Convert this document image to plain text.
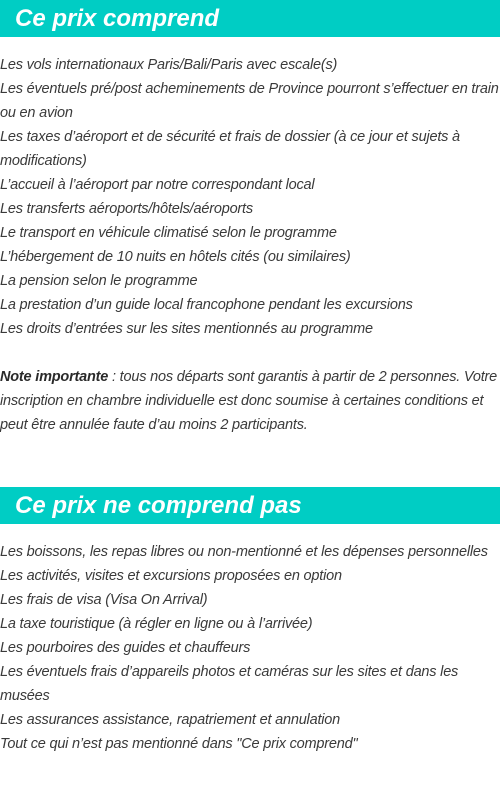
Ce prix comprend
Les vols internationaux Paris/Bali/Paris avec escale(s)
Les éventuels pré/post acheminements de Province pourront s’effectuer en train ou en avion
Les taxes d’aéroport et de sécurité et frais de dossier (à ce jour et sujets à modifications)
L’accueil à l’aéroport par notre correspondant local
Les transferts aéroports/hôtels/aéroports
Le transport en véhicule climatisé selon le programme
L’hébergement de 10 nuits en hôtels cités (ou similaires)
La pension selon le programme
La prestation d’un guide local francophone pendant les excursions
Les droits d’entrées sur les sites mentionnés au programme

Note importante : tous nos départs sont garantis à partir de 2 personnes. Votre inscription en chambre individuelle est donc soumise à certaines conditions et peut être annulée faute d’au moins 2 participants.

Ce prix ne comprend pas
Les boissons, les repas libres ou non-mentionné et les dépenses personnelles
Les activités, visites et excursions proposées en option
Les frais de visa (Visa On Arrival)
La taxe touristique (à régler en ligne ou à l’arrivée)
Les pourboires des guides et chauffeurs
Les éventuels frais d’appareils photos et caméras sur les sites et dans les musées
Les assurances assistance, rapatriement et annulation
Tout ce qui n’est pas mentionné dans "Ce prix comprend"
